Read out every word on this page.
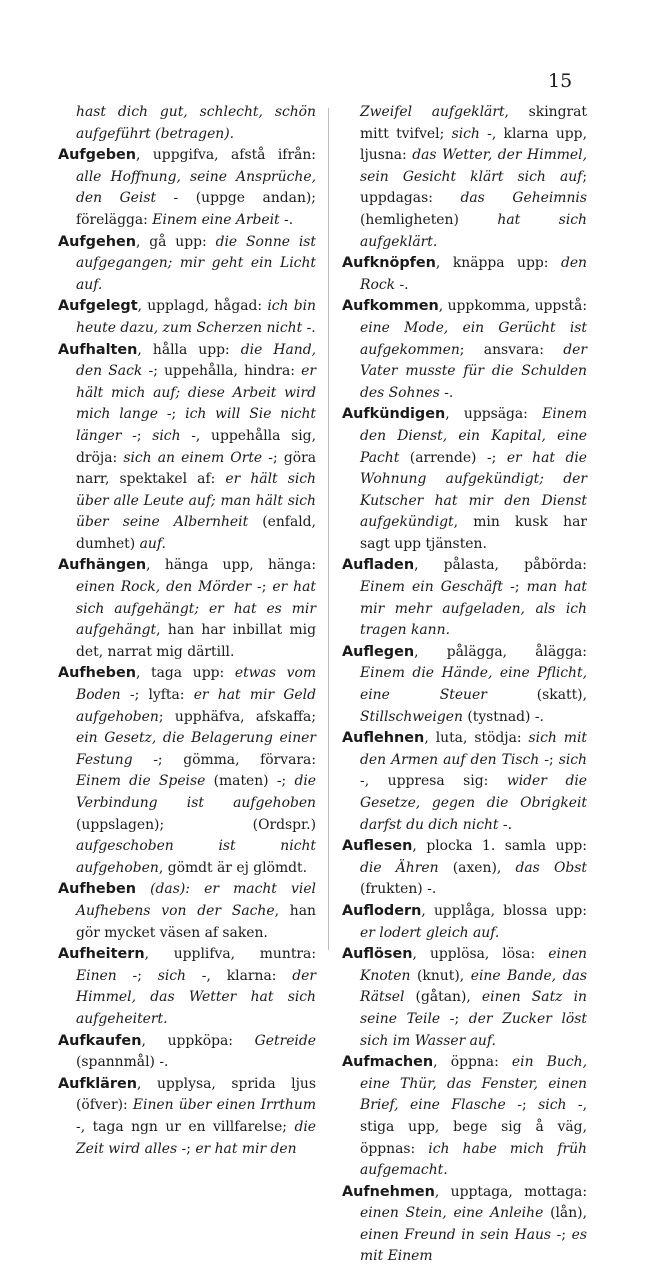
15

hast dich gut, schlecht, schön aufgeführt (betragen).

Aufgeben, uppgifva, afstå ifrån: alle Hoffnung, seine Ansprüche, den Geist - (uppge andan); förelägga: Einem eine Arbeit -.

Aufgehen, gå upp: die Sonne ist aufgegangen; mir geht ein Licht auf.

Aufgelegt, upplagd, hågad: ich bin heute dazu, zum Scherzen nicht -.

Aufhalten, hålla upp: die Hand, den Sack -; uppehålla, hindra: er hält mich auf; diese Arbeit wird mich lange -; ich will Sie nicht länger -; sich -, uppehålla sig, dröja: sich an einem Orte -; göra narr, spektakel af: er hält sich über alle Leute auf; man hält sich über seine Albernheit (enfald, dumhet) auf.

Aufhängen, hänga upp, hänga: einen Rock, den Mörder -; er hat sich aufgehängt; er hat es mir aufgehängt, han har inbillat mig det, narrat mig därtill.

Aufheben, taga upp: etwas vom Boden -; lyfta: er hat mir Geld aufgehoben; upphäfva, afskaffa; ein Gesetz, die Belagerung einer Festung -; gömma, förvara: Einem die Speise (maten) -; die Verbindung ist aufgehoben (uppslagen); (Ordspr.) aufgeschoben ist nicht aufgehoben, gömdt är ej glömdt.

Aufheben (das): er macht viel Aufhebens von der Sache, han gör mycket väsen af saken.

Aufheitern, upplifva, muntra: Einen -; sich -, klarna: der Himmel, das Wetter hat sich aufgeheitert.

Aufkaufen, uppköpa: Getreide (spannmål) -.

Aufklären, upplysa, sprida ljus (öfver): Einen über einen Irrthum -, taga ngn ur en villfarelse; die Zeit wird alles -; er hat mir den

Zweifel aufgeklärt, skingrat mitt tvifvel; sich -, klarna upp, ljusna: das Wetter, der Himmel, sein Gesicht klärt sich auf; uppdagas: das Geheimnis (hemligheten) hat sich aufgeklärt.

Aufknöpfen, knäppa upp: den Rock -.

Aufkommen, uppkomma, uppstå: eine Mode, ein Gerücht ist aufgekommen; ansvara: der Vater musste für die Schulden des Sohnes -.

Aufkündigen, uppsäga: Einem den Dienst, ein Kapital, eine Pacht (arrende) -; er hat die Wohnung aufgekündigt; der Kutscher hat mir den Dienst aufgekündigt, min kusk har sagt upp tjänsten.

Aufladen, pålasta, påbörda: Einem ein Geschäft -; man hat mir mehr aufgeladen, als ich tragen kann.

Auflegen, pålägga, ålägga: Einem die Hände, eine Pflicht, eine Steuer (skatt), Stillschweigen (tystnad) -.

Auflehnen, luta, stödja: sich mit den Armen auf den Tisch -; sich -, uppresa sig: wider die Gesetze, gegen die Obrigkeit darfst du dich nicht -.

Auflesen, plocka 1. samla upp: die Ähren (axen), das Obst (frukten) -.

Auflodern, upplåga, blossa upp: er lodert gleich auf.

Auflösen, upplösa, lösa: einen Knoten (knut), eine Bande, das Rätsel (gåtan), einen Satz in seine Teile -; der Zucker löst sich im Wasser auf.

Aufmachen, öppna: ein Buch, eine Thür, das Fenster, einen Brief, eine Flasche -; sich -, stiga upp, bege sig å väg, öppnas: ich habe mich früh aufgemacht.

Aufnehmen, upptaga, mottaga: einen Stein, eine Anleihe (lån), einen Freund in sein Haus -; es mit Einem
